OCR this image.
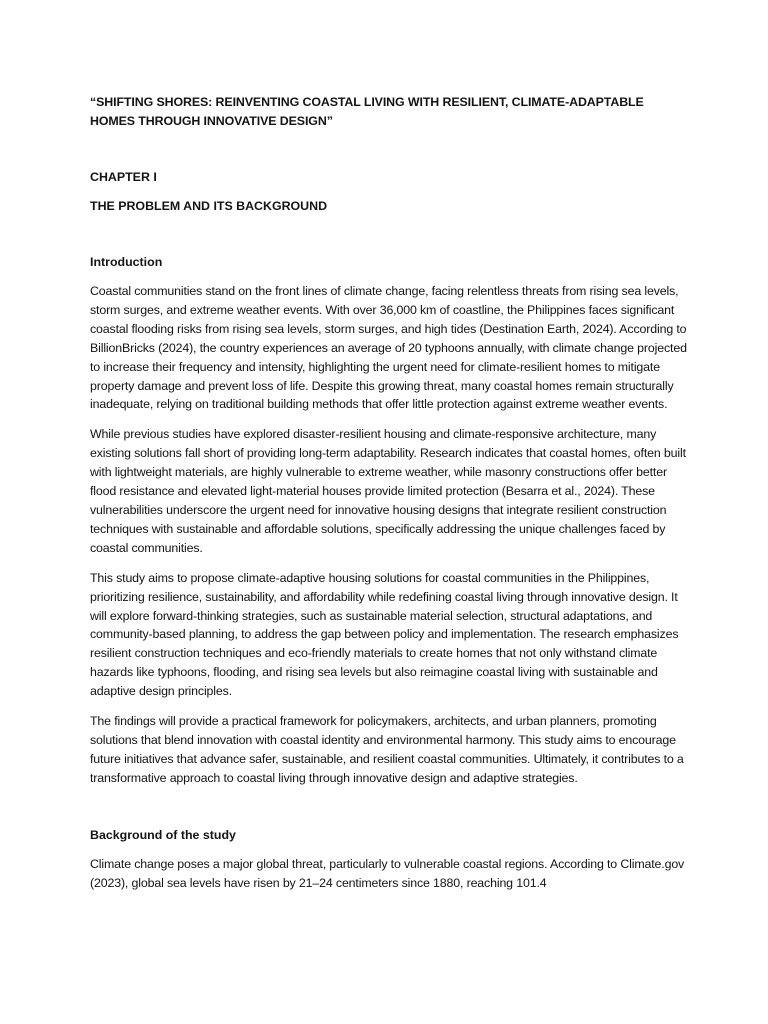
“SHIFTING SHORES: REINVENTING COASTAL LIVING WITH RESILIENT, CLIMATE-ADAPTABLE HOMES THROUGH INNOVATIVE DESIGN”

CHAPTER I

THE PROBLEM AND ITS BACKGROUND

Introduction

Coastal communities stand on the front lines of climate change, facing relentless threats from rising sea levels, storm surges, and extreme weather events. With over 36,000 km of coastline, the Philippines faces significant coastal flooding risks from rising sea levels, storm surges, and high tides (Destination Earth, 2024). According to BillionBricks (2024), the country experiences an average of 20 typhoons annually, with climate change projected to increase their frequency and intensity, highlighting the urgent need for climate-resilient homes to mitigate property damage and prevent loss of life. Despite this growing threat, many coastal homes remain structurally inadequate, relying on traditional building methods that offer little protection against extreme weather events.

While previous studies have explored disaster-resilient housing and climate-responsive architecture, many existing solutions fall short of providing long-term adaptability. Research indicates that coastal homes, often built with lightweight materials, are highly vulnerable to extreme weather, while masonry constructions offer better flood resistance and elevated light-material houses provide limited protection (Besarra et al., 2024). These vulnerabilities underscore the urgent need for innovative housing designs that integrate resilient construction techniques with sustainable and affordable solutions, specifically addressing the unique challenges faced by coastal communities.

This study aims to propose climate-adaptive housing solutions for coastal communities in the Philippines, prioritizing resilience, sustainability, and affordability while redefining coastal living through innovative design. It will explore forward-thinking strategies, such as sustainable material selection, structural adaptations, and community-based planning, to address the gap between policy and implementation. The research emphasizes resilient construction techniques and eco-friendly materials to create homes that not only withstand climate hazards like typhoons, flooding, and rising sea levels but also reimagine coastal living with sustainable and adaptive design principles.

The findings will provide a practical framework for policymakers, architects, and urban planners, promoting solutions that blend innovation with coastal identity and environmental harmony. This study aims to encourage future initiatives that advance safer, sustainable, and resilient coastal communities. Ultimately, it contributes to a transformative approach to coastal living through innovative design and adaptive strategies.

Background of the study

Climate change poses a major global threat, particularly to vulnerable coastal regions. According to Climate.gov (2023), global sea levels have risen by 21–24 centimeters since 1880, reaching 101.4
